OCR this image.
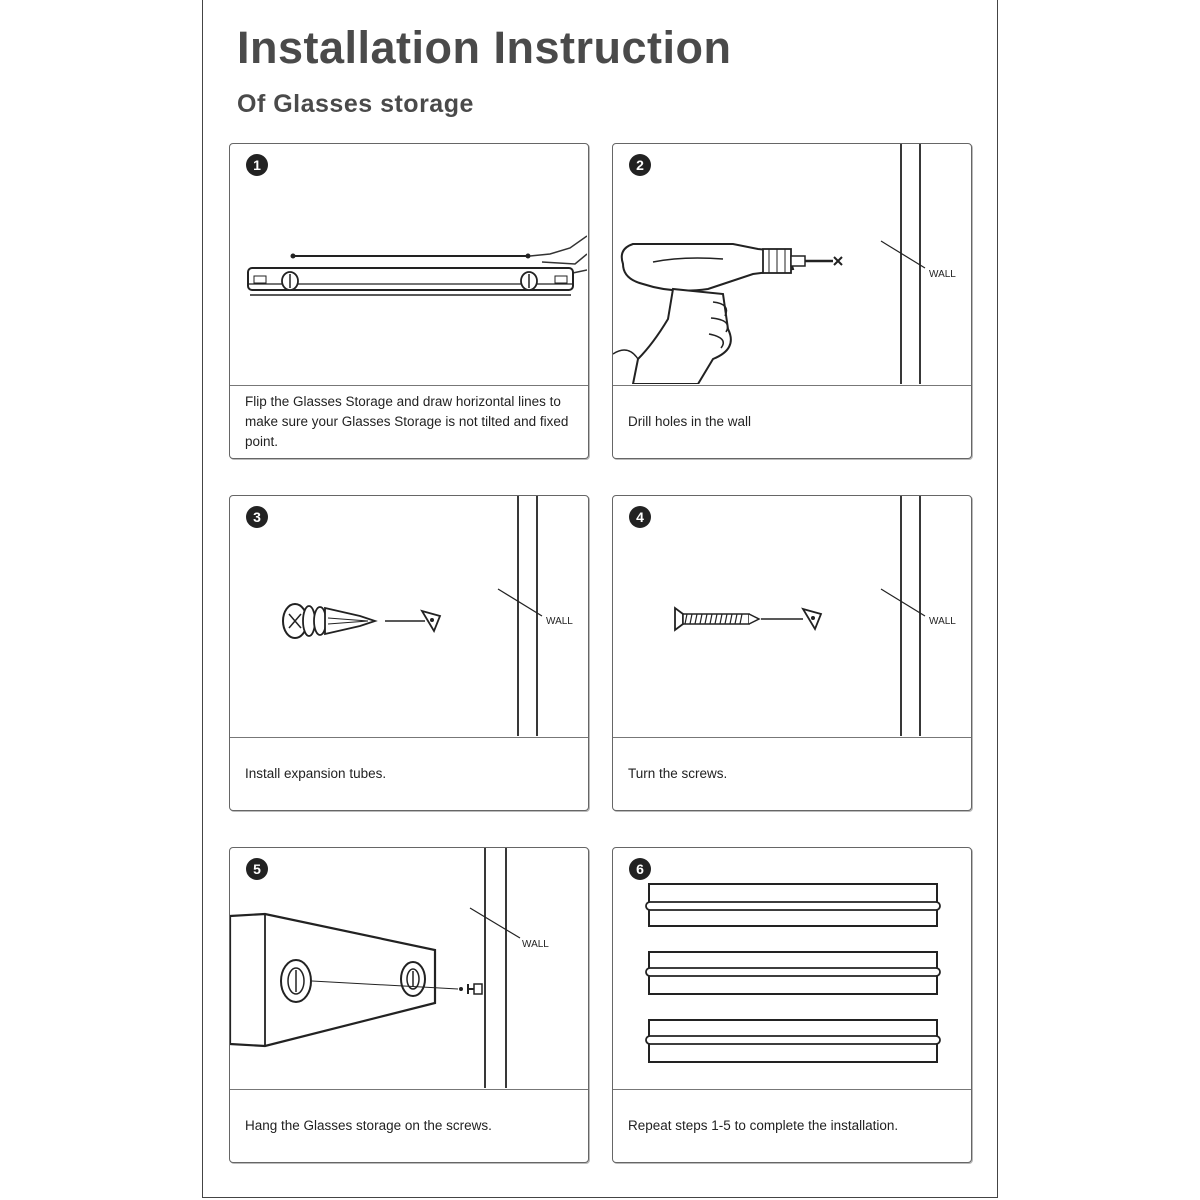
Installation Instruction
Of Glasses storage
1
Flip the Glasses Storage and draw horizontal lines to make sure your Glasses Storage is not tilted and fixed point.
2
WALL
Drill holes in the wall
3
WALL
Install expansion tubes.
4
WALL
Turn the screws.
5
WALL
Hang the Glasses storage on the screws.
6
Repeat steps 1-5 to complete the installation.
